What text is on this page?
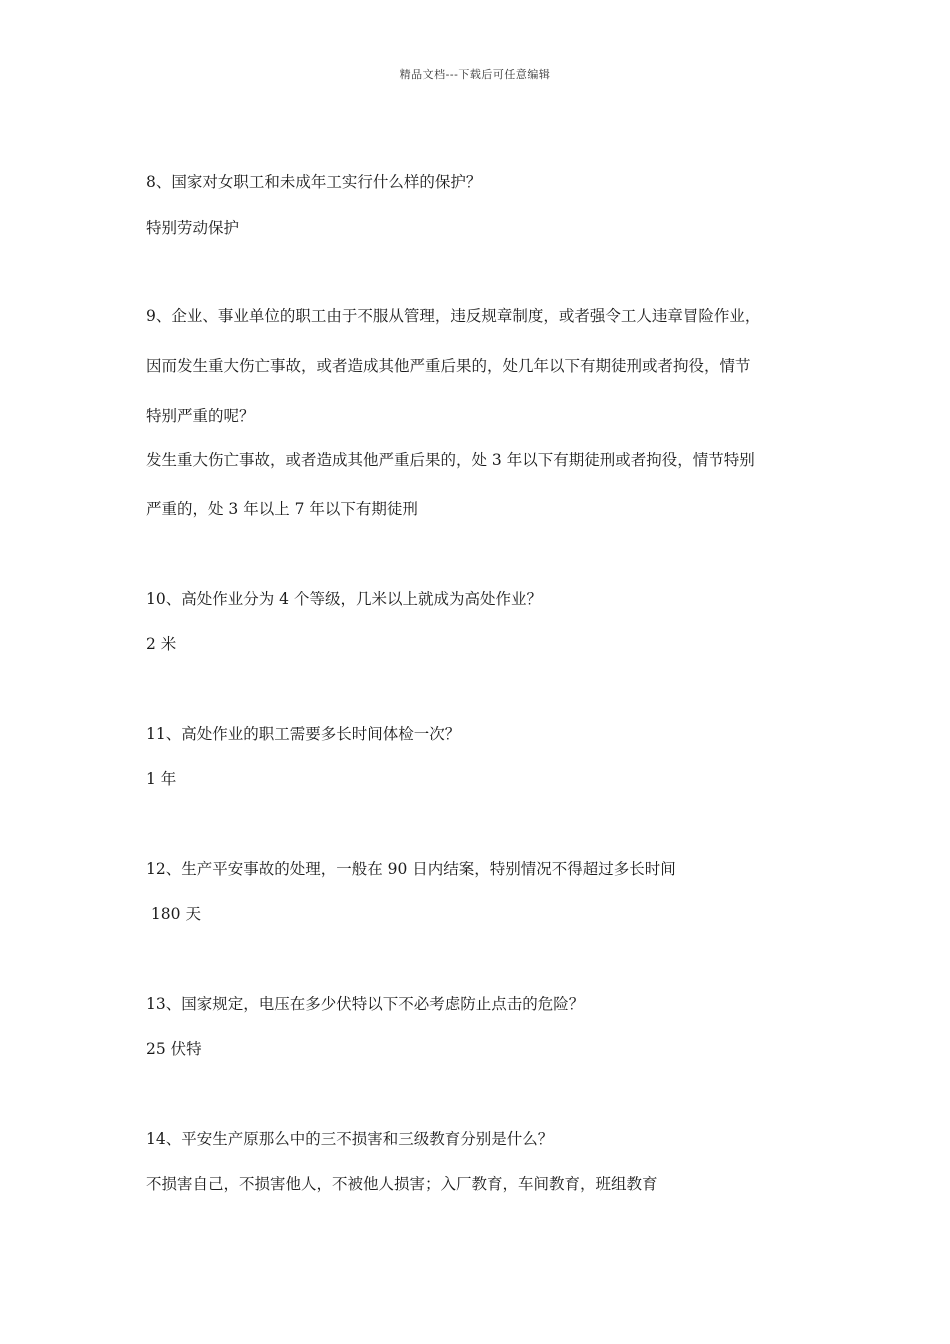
精品文档---下载后可任意编辑
8、国家对女职工和未成年工实行什么样的保护？
特别劳动保护
9、企业、事业单位的职工由于不服从管理，违反规章制度，或者强令工人违章冒险作业，
因而发生重大伤亡事故，或者造成其他严重后果的，处几年以下有期徒刑或者拘役，情节
特别严重的呢？
发生重大伤亡事故，或者造成其他严重后果的，处 3 年以下有期徒刑或者拘役，情节特别
严重的，处 3 年以上 7 年以下有期徒刑
10、高处作业分为 4 个等级，几米以上就成为高处作业？
2 米
11、高处作业的职工需要多长时间体检一次？
1 年
12、生产平安事故的处理，一般在 90 日内结案，特别情况不得超过多长时间
180 天
13、国家规定，电压在多少伏特以下不必考虑防止点击的危险？
25 伏特
14、平安生产原那么中的三不损害和三级教育分别是什么？
不损害自己，不损害他人，不被他人损害；入厂教育，车间教育，班组教育
